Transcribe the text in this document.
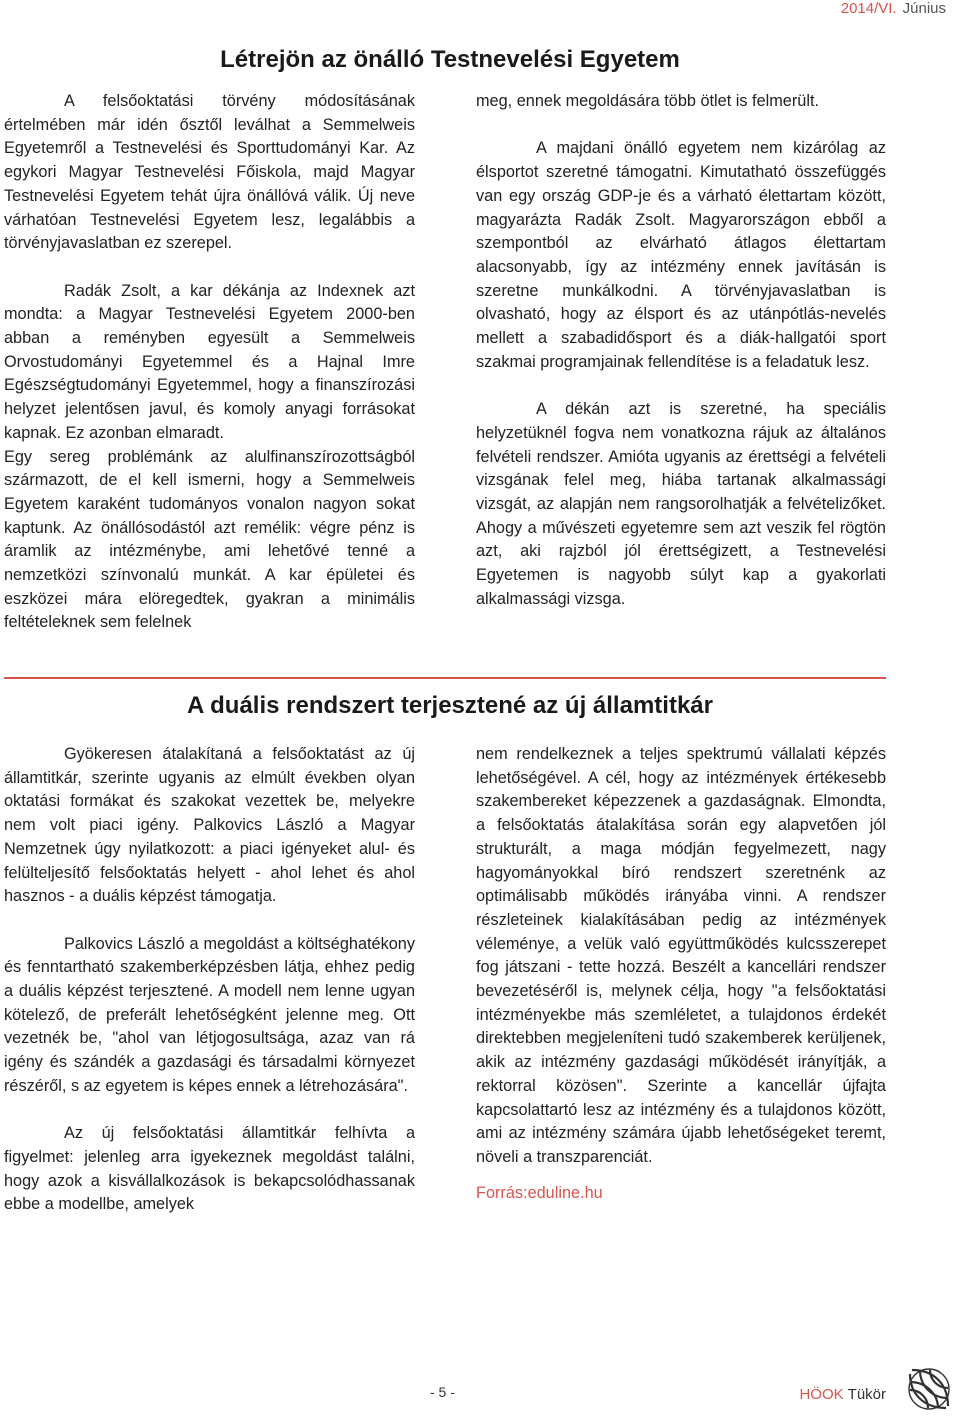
2014/VI. Június
Létrejön az önálló Testnevelési Egyetem

A felsőoktatási törvény módosításának értelmében már idén ősztől leválhat a Semmelweis Egyetemről a Testnevelési és Sporttudományi Kar. Az egykori Magyar Testnevelési Főiskola, majd Magyar Testnevelési Egyetem tehát újra önállóvá válik. Új neve várhatóan Testnevelési Egyetem lesz, legalábbis a törvényjavaslatban ez szerepel.

Radák Zsolt, a kar dékánja az Indexnek azt mondta: a Magyar Testnevelési Egyetem 2000-ben abban a reményben egyesült a Semmelweis Orvostudományi Egyetemmel és a Hajnal Imre Egészségtudományi Egyetemmel, hogy a finanszírozási helyzet jelentősen javul, és komoly anyagi forrásokat kapnak. Ez azonban elmaradt.

Egy sereg problémánk az alulfinanszírozottságból származott, de el kell ismerni, hogy a Semmelweis Egyetem karaként tudományos vonalon nagyon sokat kaptunk. Az önállósodástól azt remélik: végre pénz is áramlik az intézménybe, ami lehetővé tenné a nemzetközi színvonalú munkát. A kar épületei és eszközei mára elöregedtek, gyakran a minimális feltételeknek sem felelnek

meg, ennek megoldására több ötlet is felmerült.

A majdani önálló egyetem nem kizárólag az élsportot szeretné támogatni. Kimutatható összefüggés van egy ország GDP-je és a várható élettartam között, magyarázta Radák Zsolt. Magyarországon ebből a szempontból az elvárható átlagos élettartam alacsonyabb, így az intézmény ennek javításán is szeretne munkálkodni. A törvényjavaslatban is olvasható, hogy az élsport és az utánpótlás-nevelés mellett a szabadidősport és a diák-hallgatói sport szakmai programjainak fellendítése is a feladatuk lesz.

A dékán azt is szeretné, ha speciális helyzetüknél fogva nem vonatkozna rájuk az általános felvételi rendszer. Amióta ugyanis az érettségi a felvételi vizsgának felel meg, hiába tartanak alkalmassági vizsgát, az alapján nem rangsorolhatják a felvételizőket. Ahogy a művészeti egyetemre sem azt veszik fel rögtön azt, aki rajzból jól érettségizett, a Testnevelési Egyetemen is nagyobb súlyt kap a gyakorlati alkalmassági vizsga.

A duális rendszert terjesztené az új államtitkár

Gyökeresen átalakítaná a felsőoktatást az új államtitkár, szerinte ugyanis az elmúlt években olyan oktatási formákat és szakokat vezettek be, melyekre nem volt piaci igény. Palkovics László a Magyar Nemzetnek úgy nyilatkozott: a piaci igényeket alul- és felülteljesítő felsőoktatás helyett - ahol lehet és ahol hasznos - a duális képzést támogatja.

Palkovics László a megoldást a költséghatékony és fenntartható szakemberképzésben látja, ehhez pedig a duális képzést terjesztené. A modell nem lenne ugyan kötelező, de preferált lehetőségként jelenne meg. Ott vezetnék be, "ahol van létjogosultsága, azaz van rá igény és szándék a gazdasági és társadalmi környezet részéről, s az egyetem is képes ennek a létrehozására".

Az új felsőoktatási államtitkár felhívta a figyelmet: jelenleg arra igyekeznek megoldást találni, hogy azok a kisvállalkozások is bekapcsolódhassanak ebbe a modellbe, amelyek

nem rendelkeznek a teljes spektrumú vállalati képzés lehetőségével. A cél, hogy az intézmények értékesebb szakembereket képezzenek a gazdaságnak. Elmondta, a felsőoktatás átalakítása során egy alapvetően jól strukturált, a maga módján fegyelmezett, nagy hagyományokkal bíró rendszert szeretnénk az optimálisabb működés irányába vinni. A rendszer részleteinek kialakításában pedig az intézmények véleménye, a velük való együttműködés kulcsszerepet fog játszani - tette hozzá. Beszélt a kancellári rendszer bevezetéséről is, melynek célja, hogy "a felsőoktatási intézményekbe más szemléletet, a tulajdonos érdekét direktebben megjeleníteni tudó szakemberek kerüljenek, akik az intézmény gazdasági működését irányítják, a rektorral közösen". Szerinte a kancellár újfajta kapcsolattartó lesz az intézmény és a tulajdonos között, ami az intézmény számára újabb lehetőségeket teremt, növeli a transzparenciát.

Forrás:eduline.hu

- 5 -	HÖOK Tükör
